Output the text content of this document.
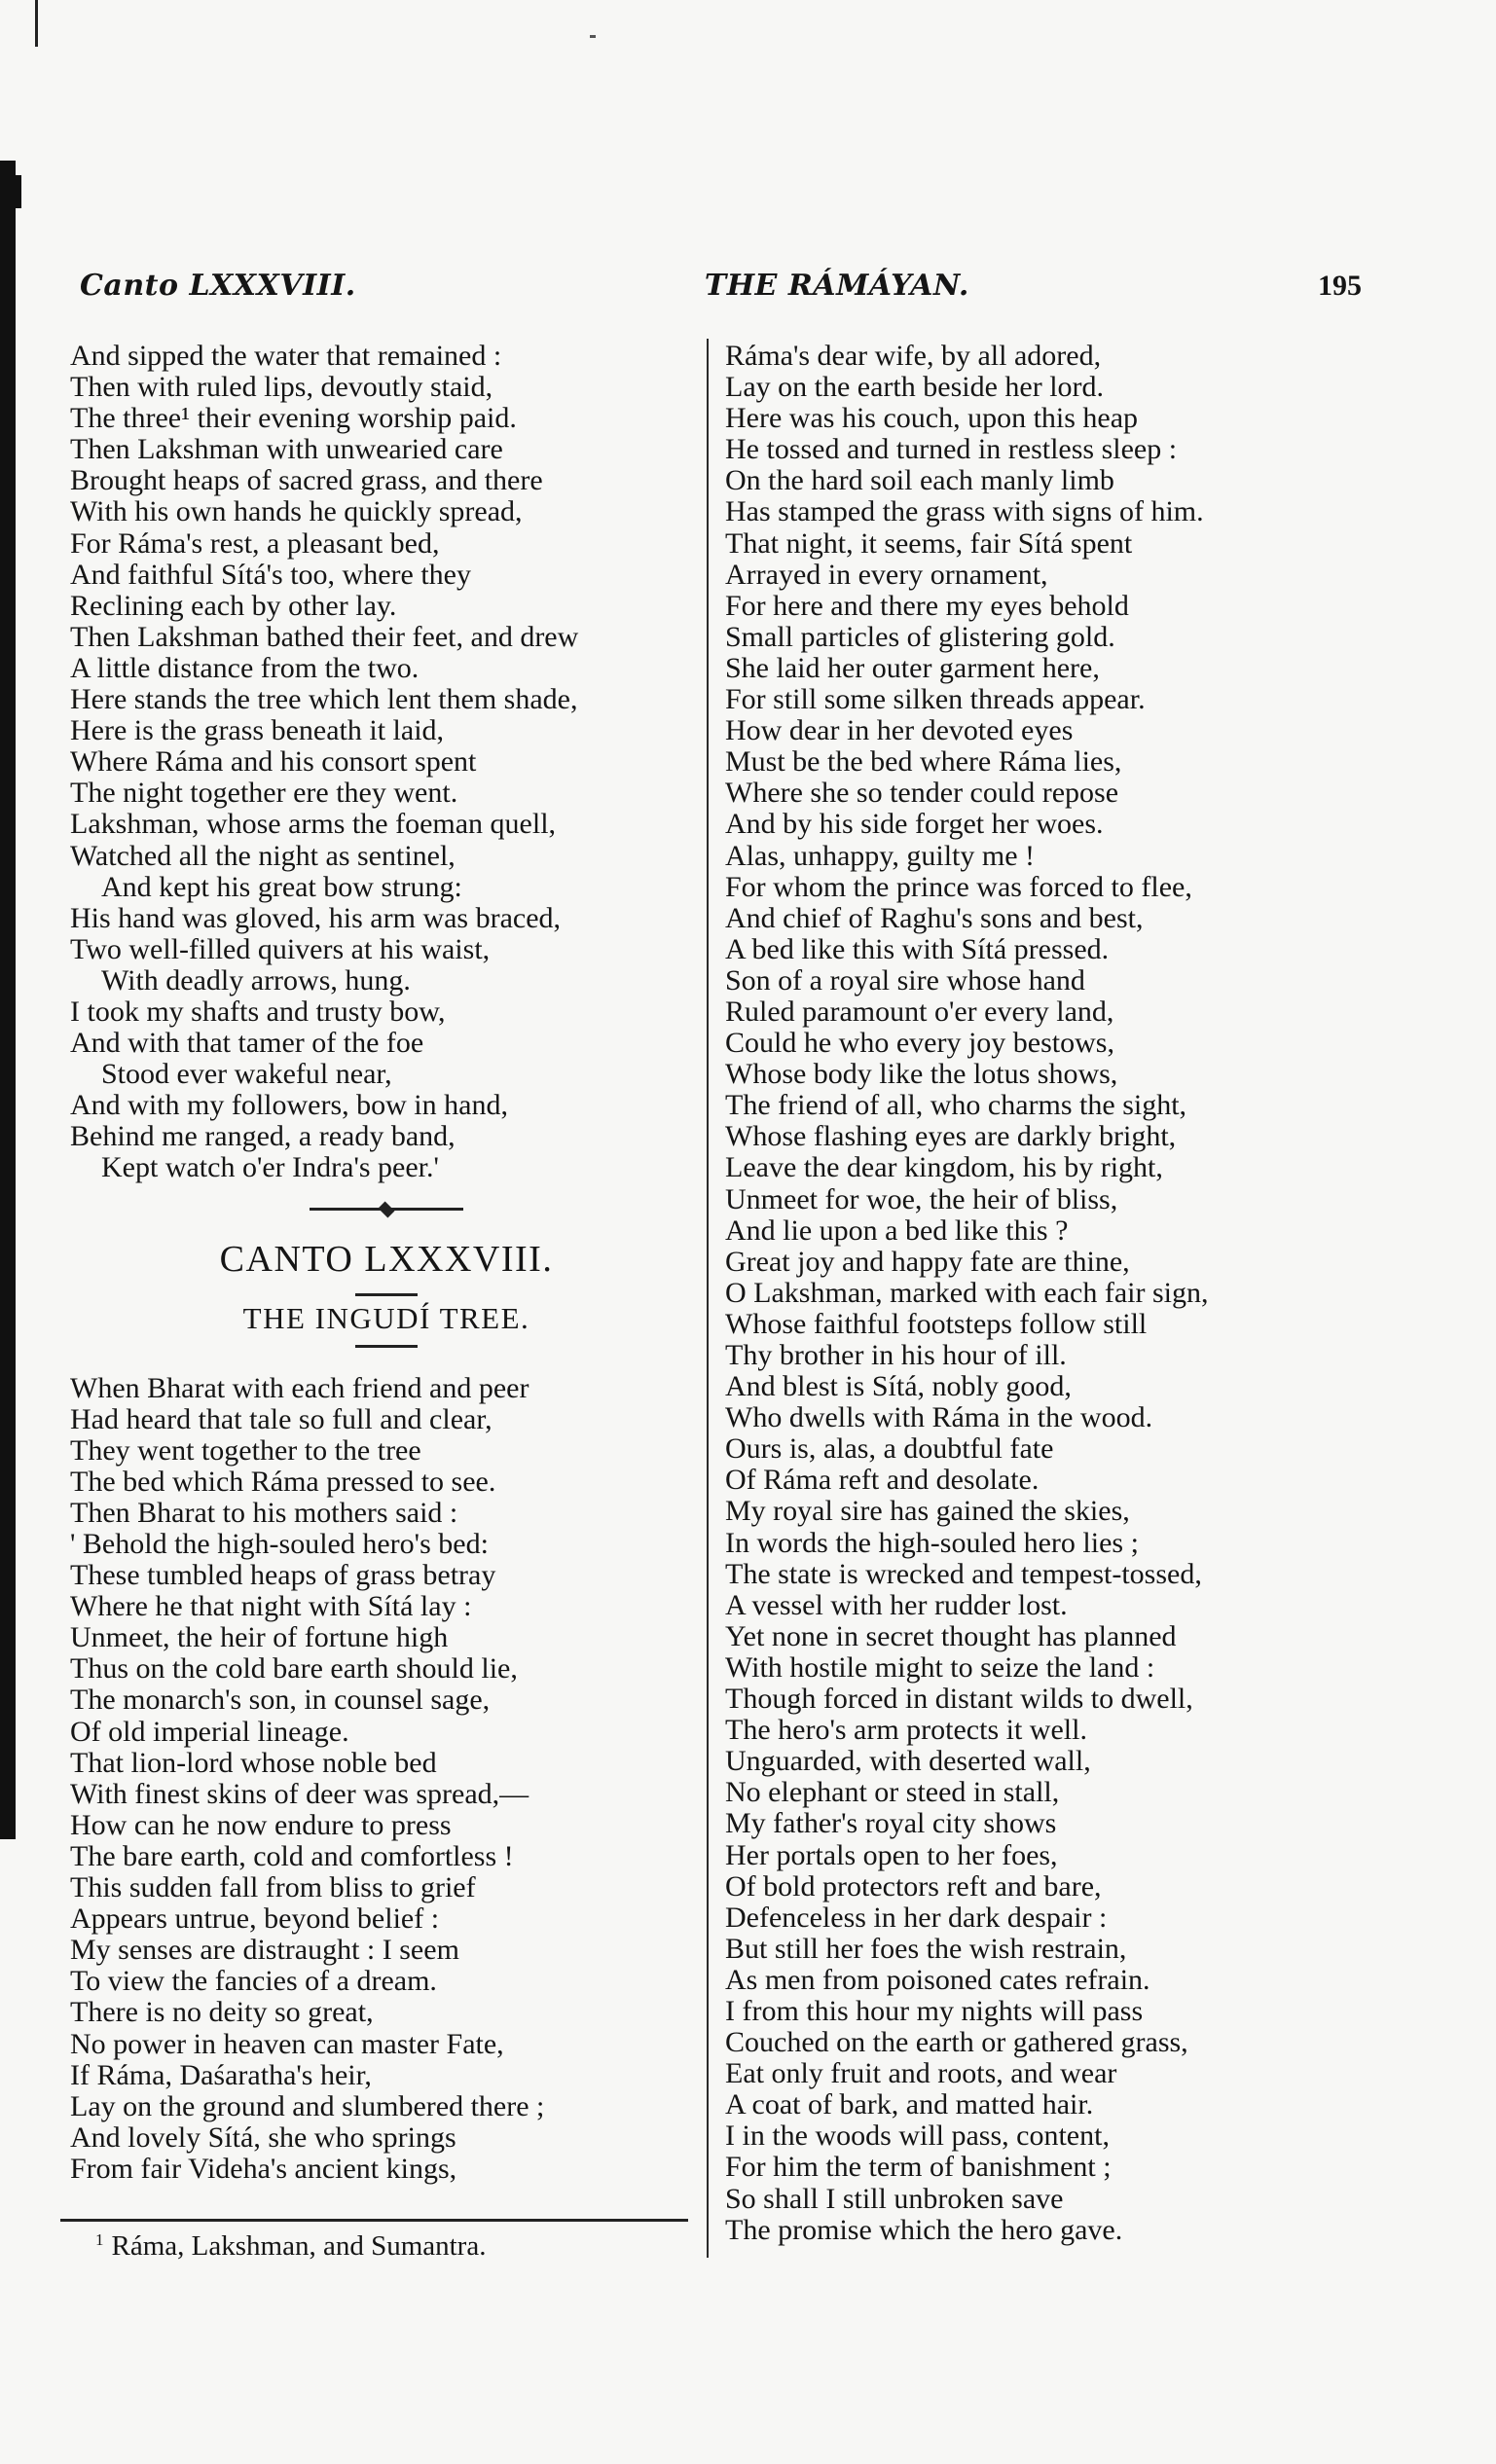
Canto LXXXVIII.	THE RÁMÁYAN.	195
And sipped the water that remained :
Then with ruled lips, devoutly staid,
The three¹ their evening worship paid.
Then Lakshman with unwearied care
Brought heaps of sacred grass, and there
With his own hands he quickly spread,
For Ráma's rest, a pleasant bed,
And faithful Sítá's too, where they
Reclining each by other lay.
Then Lakshman bathed their feet, and drew
A little distance from the two.
Here stands the tree which lent them shade,
Here is the grass beneath it laid,
Where Ráma and his consort spent
The night together ere they went.
Lakshman, whose arms the foeman quell,
Watched all the night as sentinel,
And kept his great bow strung:
His hand was gloved, his arm was braced,
Two well-filled quivers at his waist,
With deadly arrows, hung.
I took my shafts and trusty bow,
And with that tamer of the foe
Stood ever wakeful near,
And with my followers, bow in hand,
Behind me ranged, a ready band,
Kept watch o'er Indra's peer.'
CANTO LXXXVIII.
THE INGUDÍ TREE.
When Bharat with each friend and peer
Had heard that tale so full and clear,
They went together to the tree
The bed which Ráma pressed to see.
Then Bharat to his mothers said :
' Behold the high-souled hero's bed:
These tumbled heaps of grass betray
Where he that night with Sítá lay :
Unmeet, the heir of fortune high
Thus on the cold bare earth should lie,
The monarch's son, in counsel sage,
Of old imperial lineage.
That lion-lord whose noble bed
With finest skins of deer was spread,—
How can he now endure to press
The bare earth, cold and comfortless !
This sudden fall from bliss to grief
Appears untrue, beyond belief :
My senses are distraught : I seem
To view the fancies of a dream.
There is no deity so great,
No power in heaven can master Fate,
If Ráma, Daśaratha's heir,
Lay on the ground and slumbered there ;
And lovely Sítá, she who springs
From fair Videha's ancient kings,
Ráma's dear wife, by all adored,
Lay on the earth beside her lord.
Here was his couch, upon this heap
He tossed and turned in restless sleep :
On the hard soil each manly limb
Has stamped the grass with signs of him.
That night, it seems, fair Sítá spent
Arrayed in every ornament,
For here and there my eyes behold
Small particles of glistering gold.
She laid her outer garment here,
For still some silken threads appear.
How dear in her devoted eyes
Must be the bed where Ráma lies,
Where she so tender could repose
And by his side forget her woes.
Alas, unhappy, guilty me !
For whom the prince was forced to flee,
And chief of Raghu's sons and best,
A bed like this with Sítá pressed.
Son of a royal sire whose hand
Ruled paramount o'er every land,
Could he who every joy bestows,
Whose body like the lotus shows,
The friend of all, who charms the sight,
Whose flashing eyes are darkly bright,
Leave the dear kingdom, his by right,
Unmeet for woe, the heir of bliss,
And lie upon a bed like this ?
Great joy and happy fate are thine,
O Lakshman, marked with each fair sign,
Whose faithful footsteps follow still
Thy brother in his hour of ill.
And blest is Sítá, nobly good,
Who dwells with Ráma in the wood.
Ours is, alas, a doubtful fate
Of Ráma reft and desolate.
My royal sire has gained the skies,
In words the high-souled hero lies ;
The state is wrecked and tempest-tossed,
A vessel with her rudder lost.
Yet none in secret thought has planned
With hostile might to seize the land :
Though forced in distant wilds to dwell,
The hero's arm protects it well.
Unguarded, with deserted wall,
No elephant or steed in stall,
My father's royal city shows
Her portals open to her foes,
Of bold protectors reft and bare,
Defenceless in her dark despair :
But still her foes the wish restrain,
As men from poisoned cates refrain.
I from this hour my nights will pass
Couched on the earth or gathered grass,
Eat only fruit and roots, and wear
A coat of bark, and matted hair.
I in the woods will pass, content,
For him the term of banishment ;
So shall I still unbroken save
The promise which the hero gave.
$^1$ Ráma, Lakshman, and Sumantra.
